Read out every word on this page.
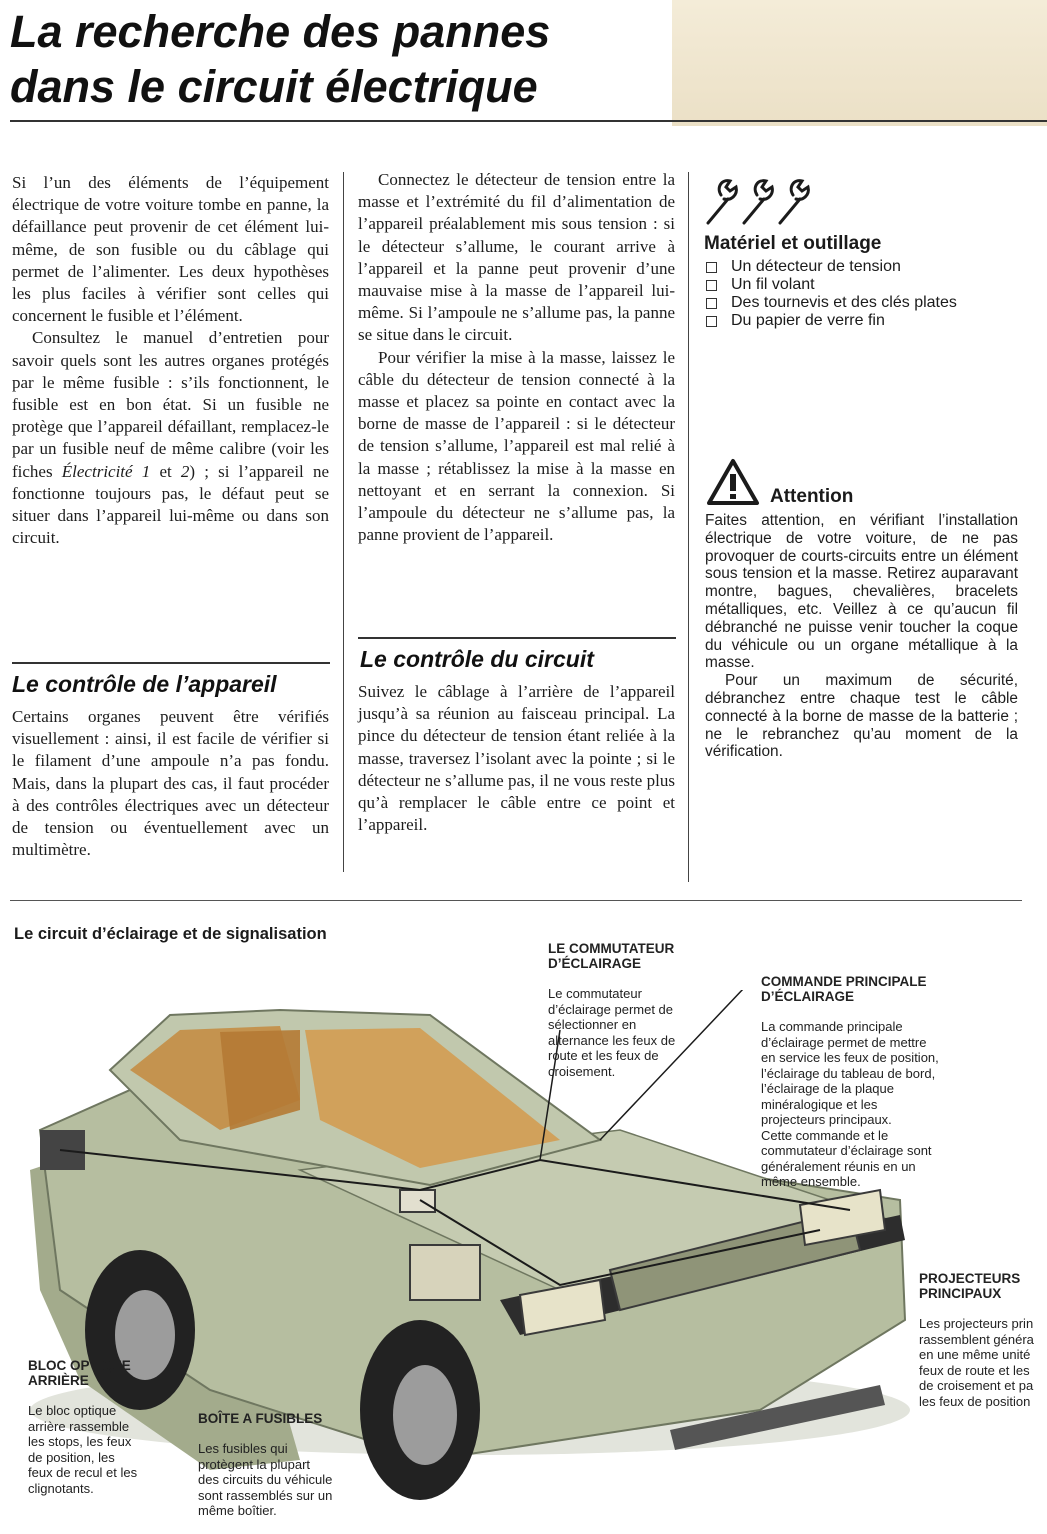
La recherche des pannes
dans le circuit électrique

Si l’un des éléments de l’équipement électrique de votre voiture tombe en panne, la défaillance peut provenir de cet élément lui-même, de son fusible ou du câblage qui permet de l’alimenter. Les deux hypothèses les plus faciles à vérifier sont celles qui concernent le fusible et l’élément.

Consultez le manuel d’entretien pour savoir quels sont les autres organes protégés par le même fusible : s’ils fonctionnent, le fusible est en bon état. Si un fusible ne protège que l’appareil défaillant, remplacez-le par un fusible neuf de même calibre (voir les fiches Électricité 1 et 2) ; si l’appareil ne fonctionne toujours pas, le défaut peut se situer dans l’appareil lui-même ou dans son circuit.

Le contrôle de l’appareil

Certains organes peuvent être vérifiés visuellement : ainsi, il est facile de vérifier si le filament d’une ampoule n’a pas fondu. Mais, dans la plupart des cas, il faut procéder à des contrôles électriques avec un détecteur de tension ou éventuellement avec un multimètre.

Connectez le détecteur de tension entre la masse et l’extrémité du fil d’alimentation de l’appareil préalablement mis sous tension : si le détecteur s’allume, le courant arrive à l’appareil et la panne peut provenir d’une mauvaise mise à la masse de l’appareil lui-même. Si l’ampoule ne s’allume pas, la panne se situe dans le circuit.

Pour vérifier la mise à la masse, laissez le câble du détecteur de tension connecté à la masse et placez sa pointe en contact avec la borne de masse de l’appareil : si le détecteur de tension s’allume, l’appareil est mal relié à la masse ; rétablissez la mise à la masse en nettoyant et en serrant la connexion. Si l’ampoule du détecteur ne s’allume pas, la panne provient de l’appareil.

Le contrôle du circuit

Suivez le câblage à l’arrière de l’appareil jusqu’à sa réunion au faisceau principal. La pince du détecteur de tension étant reliée à la masse, traversez l’isolant avec la pointe ; si le détecteur ne s’allume pas, il ne vous reste plus qu’à remplacer le câble entre ce point et l’appareil.

Matériel et outillage
Un détecteur de tension
Un fil volant
Des tournevis et des clés plates
Du papier de verre fin
Attention

Faites attention, en vérifiant l’installation électrique de votre voiture, de ne pas provoquer de courts-circuits entre un élément sous tension et la masse. Retirez auparavant montre, bagues, chevalières, bracelets métalliques, etc. Veillez à ce qu’aucun fil débranché ne puisse venir toucher la coque du véhicule ou un organe métallique à la masse.

Pour un maximum de sécurité, débranchez entre chaque test le câble connecté à la borne de masse de la batterie ; ne le rebranchez qu’au moment de la vérification.

Le circuit d’éclairage et de signalisation

LE COMMUTATEUR
D’ÉCLAIRAGE

Le commutateur
d’éclairage permet de
sélectionner en
alternance les feux de
route et les feux de
croisement.

COMMANDE PRINCIPALE
D’ÉCLAIRAGE

La commande principale
d’éclairage permet de mettre
en service les feux de position,
l’éclairage du tableau de bord,
l’éclairage de la plaque
minéralogique et les
projecteurs principaux.
Cette commande et le
commutateur d’éclairage sont
généralement réunis en un
même ensemble.

PROJECTEURS
PRINCIPAUX

Les projecteurs prin
rassemblent généra
en une même unité
feux de route et les
de croisement et pa
les feux de position

BLOC OPTIQUE
ARRIÈRE

Le bloc optique
arrière rassemble
les stops, les feux
de position, les
feux de recul et les
clignotants.

BOÎTE A FUSIBLES

Les fusibles qui
protègent la plupart
des circuits du véhicule
sont rassemblés sur un
même boîtier.
